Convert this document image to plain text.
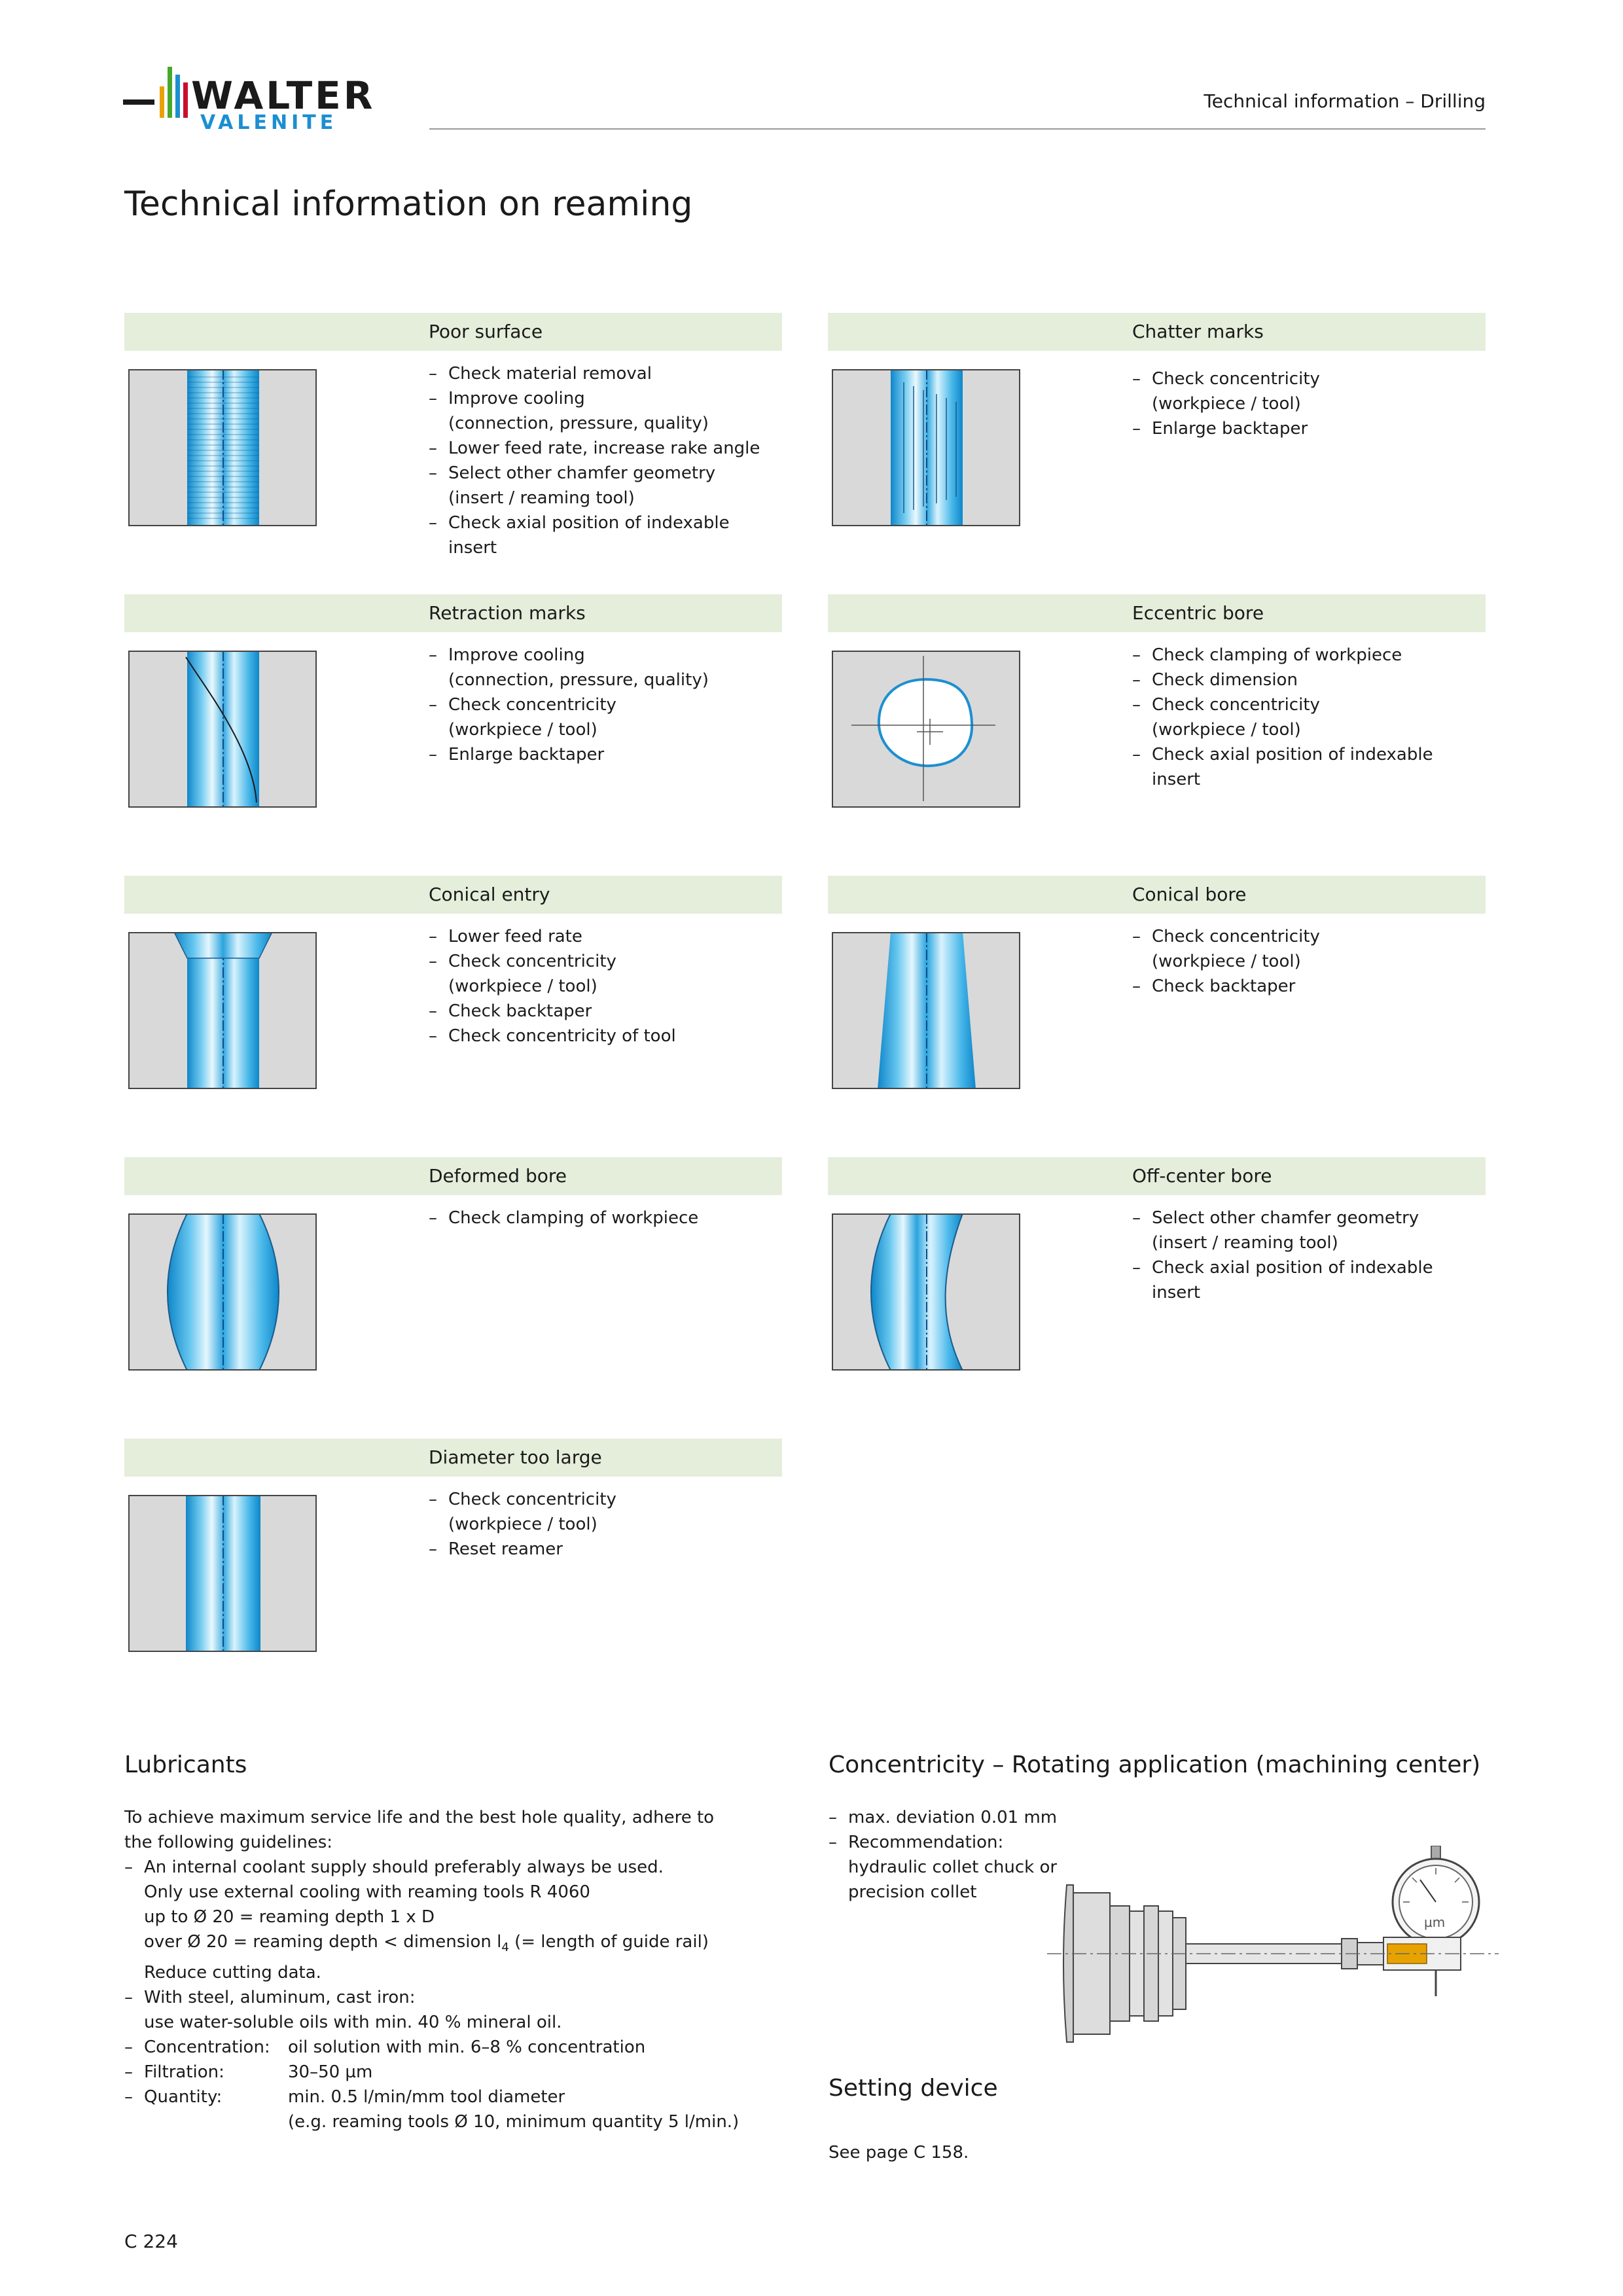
WALTER
VALENITE
Technical information – Drilling
Technical information on reaming
Poor surface
– Check material removal
– Improve cooling
(connection, pressure, quality)
– Lower feed rate, increase rake angle
– Select other chamfer geometry
(insert / reaming tool)
– Check axial position of indexable insert
Chatter marks
– Check concentricity
(workpiece / tool)
– Enlarge backtaper
Retraction marks
– Improve cooling
(connection, pressure, quality)
– Check concentricity
(workpiece / tool)
– Enlarge backtaper
Eccentric bore
– Check clamping of workpiece
– Check dimension
– Check concentricity
(workpiece / tool)
– Check axial position of indexable insert
Conical entry
– Lower feed rate
– Check concentricity
(workpiece / tool)
– Check backtaper
– Check concentricity of tool
Conical bore
– Check concentricity
(workpiece / tool)
– Check backtaper
Deformed bore
– Check clamping of workpiece
Off-center bore
– Select other chamfer geometry
(insert / reaming tool)
– Check axial position of indexable insert
Diameter too large
– Check concentricity
(workpiece / tool)
– Reset reamer
Lubricants
To achieve maximum service life and the best hole quality, adhere to the following guidelines:
– An internal coolant supply should preferably always be used.
Only use external cooling with reaming tools R 4060
up to Ø 20 = reaming depth 1 x D
over Ø 20 = reaming depth < dimension $l_4$ (= length of guide rail)
Reduce cutting data.
– With steel, aluminum, cast iron:
use water-soluble oils with min. 40 % mineral oil.
– Concentration:	oil solution with min. 6–8 % concentration
– Filtration:	30–50 µm
– Quantity:	min. 0.5 l/min/mm tool diameter
(e.g. reaming tools Ø 10, minimum quantity 5 l/min.)
Concentricity – Rotating application (machining center)
– max. deviation 0.01 mm
– Recommendation:
hydraulic collet chuck or
precision collet
µm
Setting device
See page C 158.
C 224
